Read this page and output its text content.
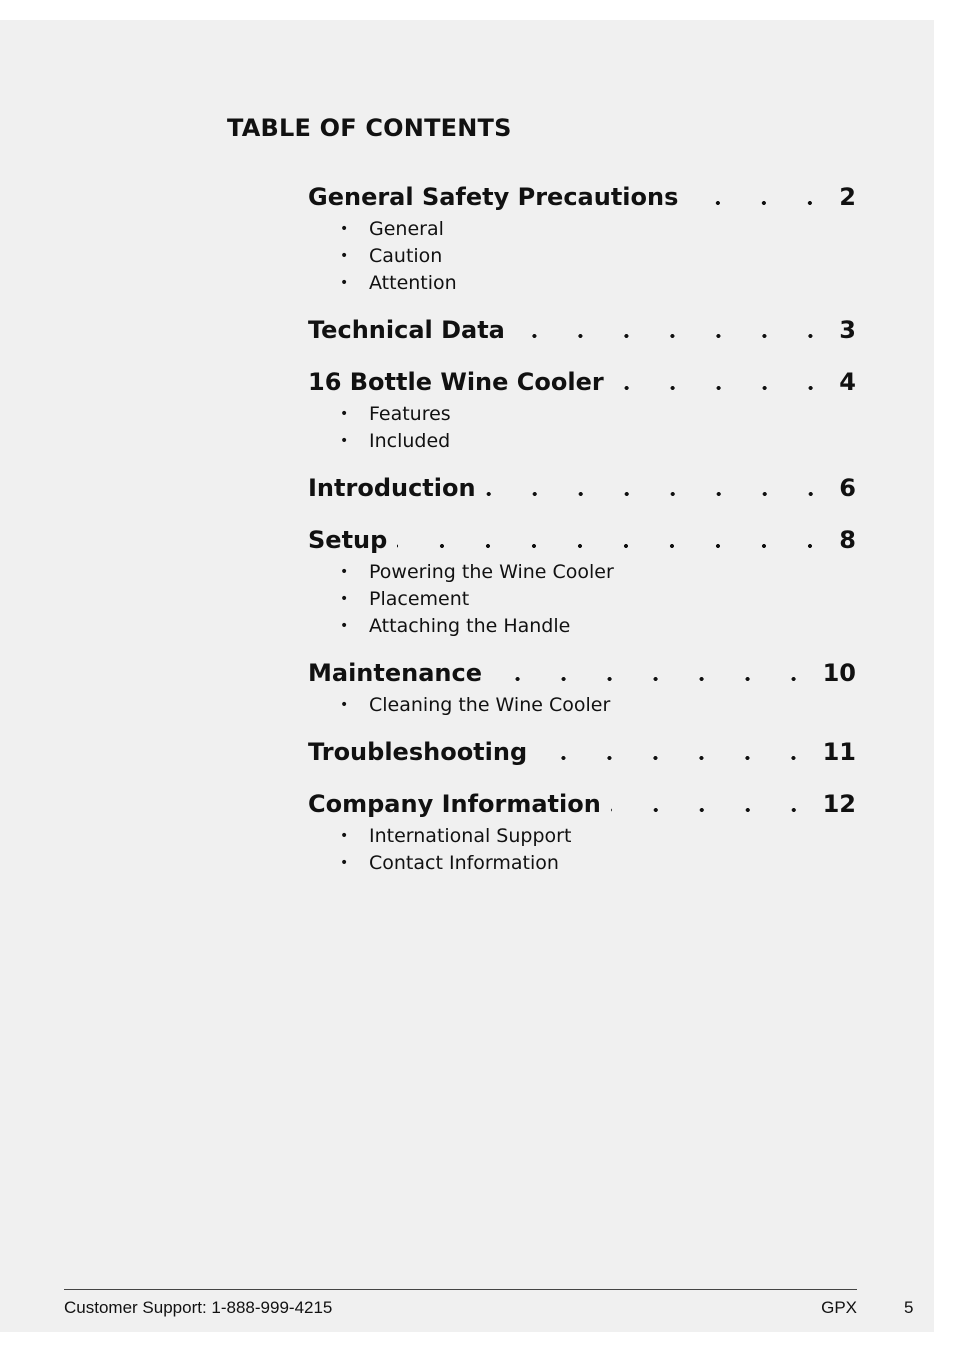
TABLE OF CONTENTS
General Safety Precautions	2
•	General
•	Caution
•	Attention
Technical Data	3
16 Bottle Wine Cooler	4
•	Features
•	Included
Introduction	6
Setup	8
•	Powering the Wine Cooler
•	Placement
•	Attaching the Handle
Maintenance	10
•	Cleaning the Wine Cooler
Troubleshooting	11
Company Information	12
•	International Support
•	Contact Information
Customer Support: 1-888-999-4215	GPX	5
